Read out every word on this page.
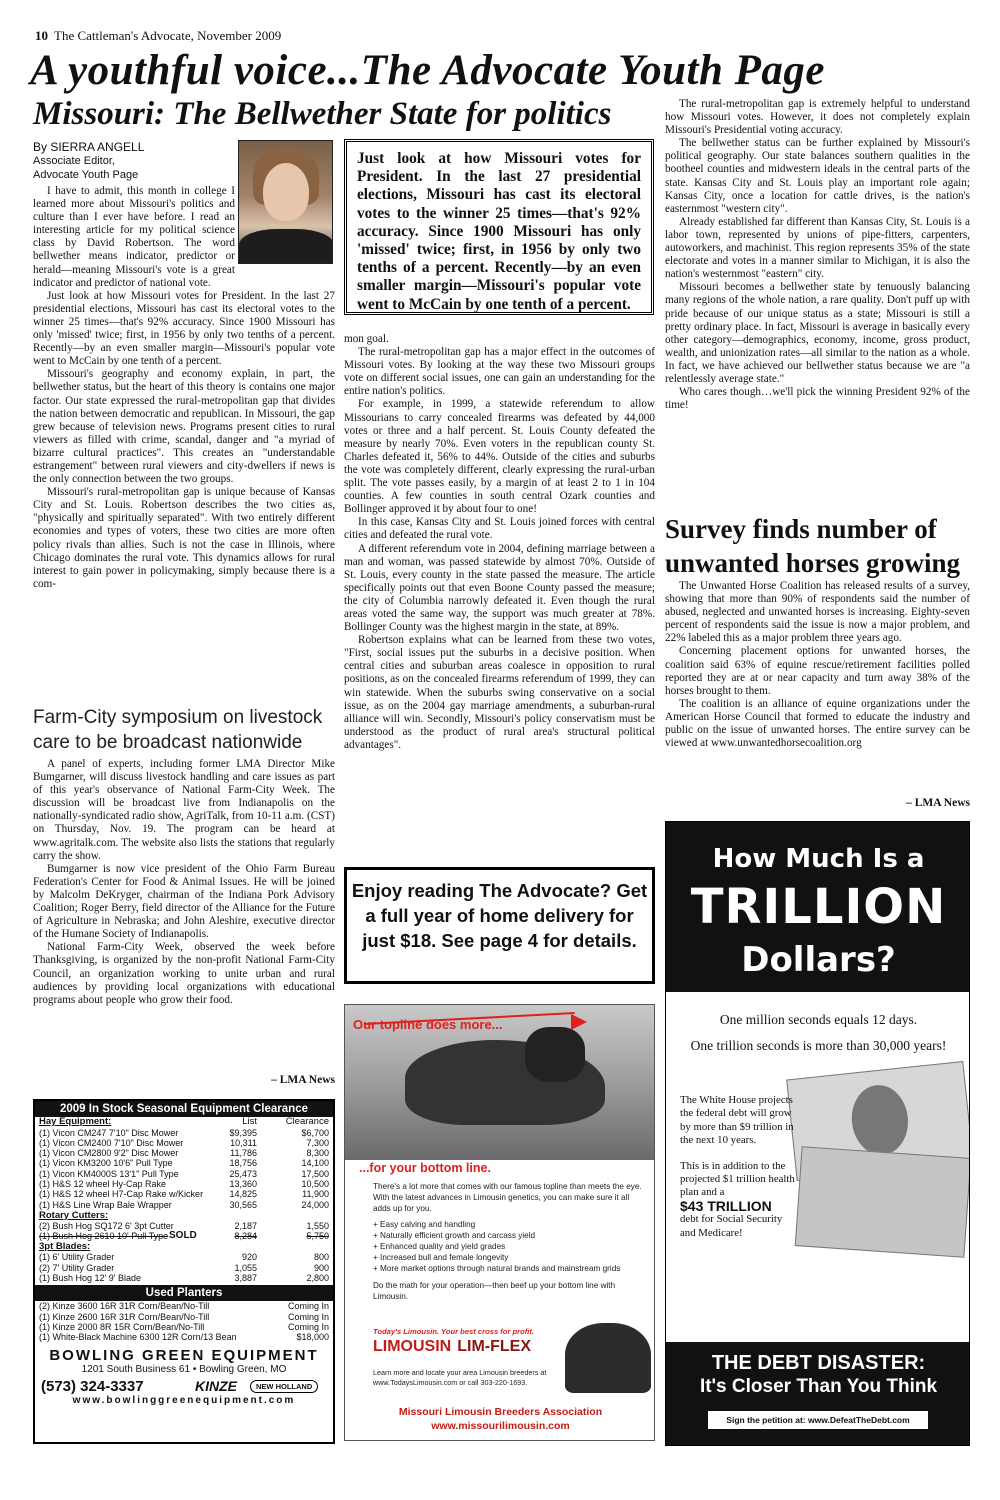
10 The Cattleman's Advocate, November 2009
A youthful voice...The Advocate Youth Page
Missouri: The Bellwether State for politics
By SIERRA ANGELL
Associate Editor,
Advocate Youth Page

I have to admit, this month in college I learned more about Missouri's politics and culture than I ever have before. I read an interesting article for my political science class by David Robertson. The word bellwether means indicator, predictor or herald—meaning Missouri's vote is a great indicator and predictor of national vote.

Just look at how Missouri votes for President. In the last 27 presidential elections, Missouri has cast its electoral votes to the winner 25 times—that's 92% accuracy. Since 1900 Missouri has only 'missed' twice; first, in 1956 by only two tenths of a percent. Recently—by an even smaller margin—Missouri's popular vote went to McCain by one tenth of a percent.

Missouri's geography and economy explain, in part, the bellwether status, but the heart of this theory is contains one major factor. Our state expressed the rural-metropolitan gap that divides the nation between democratic and republican. In Missouri, the gap grew because of television news. Programs present cities to rural viewers as filled with crime, scandal, danger and "a myriad of bizarre cultural practices". This creates an "understandable estrangement" between rural viewers and city-dwellers if news is the only connection between the two groups.

Missouri's rural-metropolitan gap is unique because of Kansas City and St. Louis. Robertson describes the two cities as, "physically and spiritually separated". With two entirely different economies and types of voters, these two cities are more often policy rivals than allies. Such is not the case in Illinois, where Chicago dominates the rural vote. This dynamics allows for rural interest to gain power in policymaking, simply because there is a com-

Just look at how Missouri votes for President. In the last 27 presidential elections, Missouri has cast its electoral votes to the winner 25 times—that's 92% accuracy. Since 1900 Missouri has only 'missed' twice; first, in 1956 by only two tenths of a percent. Recently—by an even smaller margin—Missouri's popular vote went to McCain by one tenth of a percent.

mon goal.

The rural-metropolitan gap has a major effect in the outcomes of Missouri votes. By looking at the way these two Missouri groups vote on different social issues, one can gain an understanding for the entire nation's politics.

For example, in 1999, a statewide referendum to allow Missourians to carry concealed firearms was defeated by 44,000 votes or three and a half percent. St. Louis County defeated the measure by nearly 70%. Even voters in the republican county St. Charles defeated it, 56% to 44%. Outside of the cities and suburbs the vote was completely different, clearly expressing the rural-urban split. The vote passes easily, by a margin of at least 2 to 1 in 104 counties. A few counties in south central Ozark counties and Bollinger approved it by about four to one!

In this case, Kansas City and St. Louis joined forces with central cities and defeated the rural vote.

A different referendum vote in 2004, defining marriage between a man and woman, was passed statewide by almost 70%. Outside of St. Louis, every county in the state passed the measure. The article specifically points out that even Boone County passed the measure; the city of Columbia narrowly defeated it. Even though the rural areas voted the same way, the support was much greater at 78%. Bollinger County was the highest margin in the state, at 89%.

Robertson explains what can be learned from these two votes, "First, social issues put the suburbs in a decisive position. When central cities and suburban areas coalesce in opposition to rural positions, as on the concealed firearms referendum of 1999, they can win statewide. When the suburbs swing conservative on a social issue, as on the 2004 gay marriage amendments, a suburban-rural alliance will win. Secondly, Missouri's policy conservatism must be understood as the product of rural area's structural political advantages".

The rural-metropolitan gap is extremely helpful to understand how Missouri votes. However, it does not completely explain Missouri's Presidential voting accuracy.

The bellwether status can be further explained by Missouri's political geography. Our state balances southern qualities in the bootheel counties and midwestern ideals in the central parts of the state. Kansas City and St. Louis play an important role again; Kansas City, once a location for cattle drives, is the nation's easternmost "western city".

Already established far different than Kansas City, St. Louis is a labor town, represented by unions of pipe-fitters, carpenters, autoworkers, and machinist. This region represents 35% of the state electorate and votes in a manner similar to Michigan, it is also the nation's westernmost "eastern" city.

Missouri becomes a bellwether state by tenuously balancing many regions of the whole nation, a rare quality. Don't puff up with pride because of our unique status as a state; Missouri is still a pretty ordinary place. In fact, Missouri is average in basically every other category—demographics, economy, income, gross product, wealth, and unionization rates—all similar to the nation as a whole. In fact, we have achieved our bellwether status because we are "a relentlessly average state."

Who cares though…we'll pick the winning President 92% of the time!

Farm-City symposium on livestock care to be broadcast nationwide

A panel of experts, including former LMA Director Mike Bumgarner, will discuss livestock handling and care issues as part of this year's observance of National Farm-City Week. The discussion will be broadcast live from Indianapolis on the nationally-syndicated radio show, AgriTalk, from 10-11 a.m. (CST) on Thursday, Nov. 19. The program can be heard at www.agritalk.com. The website also lists the stations that regularly carry the show.

Bumgarner is now vice president of the Ohio Farm Bureau Federation's Center for Food & Animal Issues. He will be joined by Malcolm DeKryger, chairman of the Indiana Pork Advisory Coalition; Roger Berry, field director of the Alliance for the Future of Agriculture in Nebraska; and John Aleshire, executive director of the Humane Society of Indianapolis.

National Farm-City Week, observed the week before Thanksgiving, is organized by the non-profit National Farm-City Council, an organization working to unite urban and rural audiences by providing local organizations with educational programs about people who grow their food.

– LMA News
Survey finds number of unwanted horses growing

The Unwanted Horse Coalition has released results of a survey, showing that more than 90% of respondents said the number of abused, neglected and unwanted horses is increasing. Eighty-seven percent of respondents said the issue is now a major problem, and 22% labeled this as a major problem three years ago.

Concerning placement options for unwanted horses, the coalition said 63% of equine rescue/retirement facilities polled reported they are at or near capacity and turn away 38% of the horses brought to them.

The coalition is an alliance of equine organizations under the American Horse Council that formed to educate the industry and public on the issue of unwanted horses. The entire survey can be viewed at www.unwantedhorsecoalition.org

– LMA News
Enjoy reading The Advocate? Get a full year of home delivery for just $18. See page 4 for details.
Our topline does more...
...for your bottom line.
There's a lot more that comes with our famous topline than meets the eye. With the latest advances in Limousin genetics, you can make sure it all adds up for you.
+ Easy calving and handling
+ Naturally efficient growth and carcass yield
+ Enhanced quality and yield grades
+ Increased bull and female longevity
+ More market options through natural brands and mainstream grids
Do the math for your operation—then beef up your bottom line with Limousin.
Today's Limousin. Your best cross for profit.
LIMOUSIN LIM-FLEX
Learn more and locate your area Limousin breeders at www.TodaysLimousin.com or call 303-220-1693.
Missouri Limousin Breeders Association
www.missourilimousin.com
How Much Is a
TRILLION
Dollars?
One million seconds equals 12 days.
One trillion seconds is more than 30,000 years!
The White House projects the federal debt will grow by more than $9 trillion in the next 10 years.
This is in addition to the projected $1 trillion health plan and a
$43 TRILLION
debt for Social Security and Medicare!
THE DEBT DISASTER:
It's Closer Than You Think
Sign the petition at: www.DefeatTheDebt.com
2009 In Stock Seasonal Equipment Clearance
Hay Equipment:	List	Clearance
(1) Vicon CM247 7'10" Disc Mower	$9,395	$6,700
(1) Vicon CM2400 7'10" Disc Mower	10,311	7,300
(1) Vicon CM2800 9'2" Disc Mower	11,786	8,300
(1) Vicon KM3200 10'6" Pull Type	18,756	14,100
(1) Vicon KM4000S 13'1" Pull Type	25,473	17,500
(1) H&S 12 wheel Hy-Cap Rake	13,360	10,500
(1) H&S 12 wheel H7-Cap Rake w/Kicker	14,825	11,900
(1) H&S Line Wrap Bale Wrapper	30,565	24,000
Rotary Cutters:
(2) Bush Hog SQ172 6' 3pt Cutter	2,187	1,550
(1) Bush Hog 2610 10' Pull Type SOLD	8,284	5,750
3pt Blades:
(1) 6' Utility Grader	920	800
(2) 7' Utility Grader	1,055	900
(1) Bush Hog 12' 9' Blade	3,887	2,800
Used Planters
(2) Kinze 3600 16R 31R Corn/Bean/No-Till	Coming In
(1) Kinze 2600 16R 31R Corn/Bean/No-Till	Coming In
(1) Kinze 2000 8R 15R Corn/Bean/No-Till	Coming In
(1) White-Black Machine 6300 12R Corn/13 Bean	$18,000
BOWLING GREEN EQUIPMENT
1201 South Business 61 • Bowling Green, MO
(573) 324-3337	KINZE	NEW HOLLAND
www.bowlinggreenequipment.com
